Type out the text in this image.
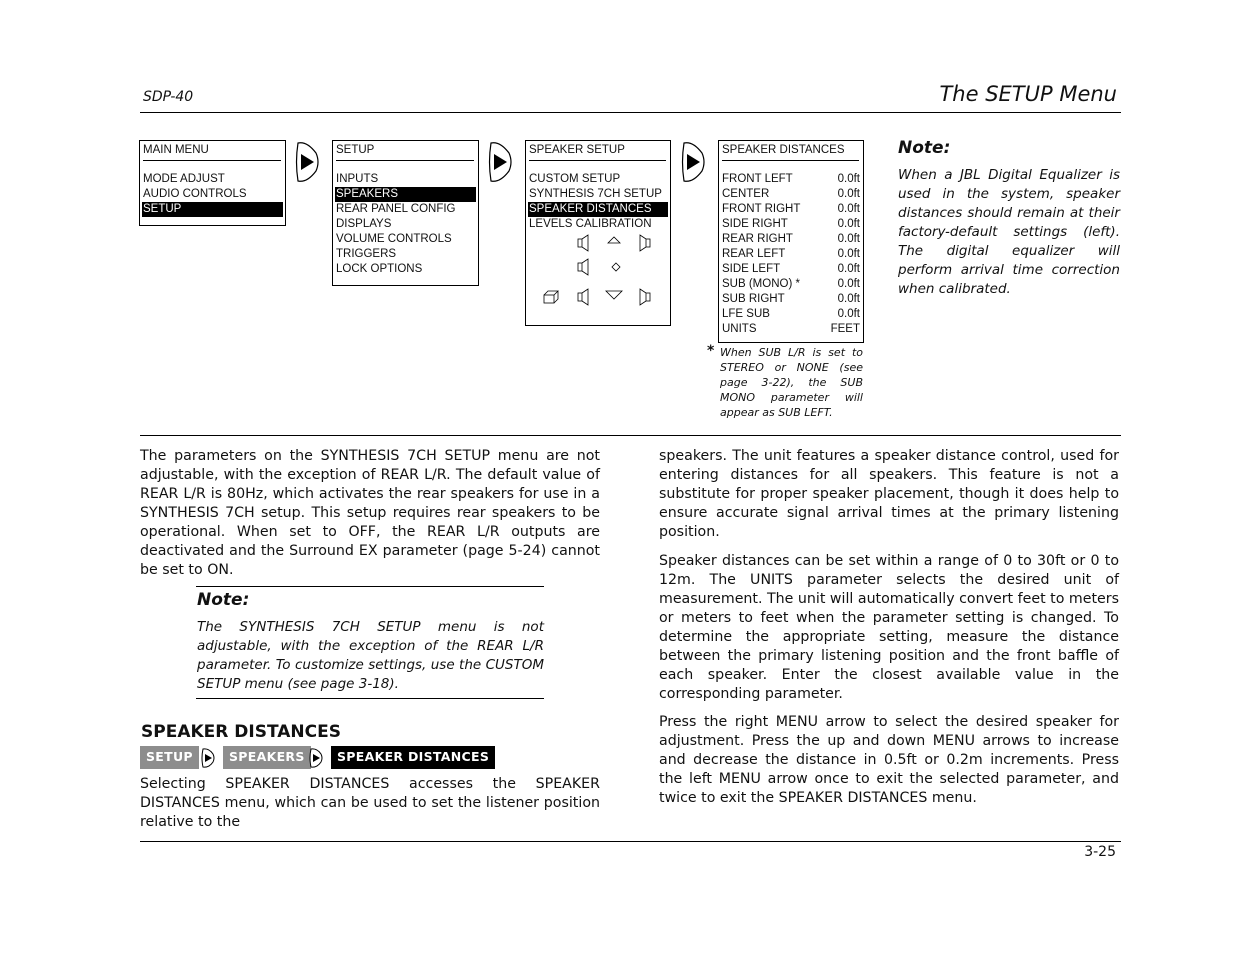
SDP-40	The SETUP Menu
MAIN MENU
MODE ADJUST
AUDIO CONTROLS
SETUP
SETUP
INPUTS
SPEAKERS
REAR PANEL CONFIG
DISPLAYS
VOLUME CONTROLS
TRIGGERS
LOCK OPTIONS
SPEAKER SETUP
CUSTOM SETUP
SYNTHESIS 7CH SETUP
SPEAKER DISTANCES
LEVELS CALIBRATION
SPEAKER DISTANCES
FRONT LEFT	0.0ft
CENTER	0.0ft
FRONT RIGHT	0.0ft
SIDE RIGHT	0.0ft
REAR RIGHT	0.0ft
REAR LEFT	0.0ft
SIDE LEFT	0.0ft
SUB (MONO) *	0.0ft
SUB RIGHT	0.0ft
LFE SUB	0.0ft
UNITS	FEET
* When SUB L/R is set to STEREO or NONE (see page 3-22), the SUB MONO parameter will appear as SUB LEFT.
Note:
When a JBL Digital Equalizer is used in the system, speaker distances should remain at their factory-default settings (left). The digital equalizer will perform arrival time correction when calibrated.
The parameters on the SYNTHESIS 7CH SETUP menu are not adjustable, with the exception of REAR L/R. The default value of REAR L/R is 80Hz, which activates the rear speakers for use in a SYNTHESIS 7CH setup. This setup requires rear speakers to be operational. When set to OFF, the REAR L/R outputs are deactivated and the Surround EX parameter (page 5-24) cannot be set to ON.
Note:
The SYNTHESIS 7CH SETUP menu is not adjustable, with the exception of the REAR L/R parameter. To customize settings, use the CUSTOM SETUP menu (see page 3-18).
SPEAKER DISTANCES
SETUP	SPEAKERS	SPEAKER DISTANCES
Selecting SPEAKER DISTANCES accesses the SPEAKER DISTANCES menu, which can be used to set the listener position relative to the
speakers. The unit features a speaker distance control, used for entering distances for all speakers. This feature is not a substitute for proper speaker placement, though it does help to ensure accurate signal arrival times at the primary listening position.
Speaker distances can be set within a range of 0 to 30ft or 0 to 12m. The UNITS parameter selects the desired unit of measurement. The unit will automatically convert feet to meters or meters to feet when the parameter setting is changed. To determine the appropriate setting, measure the distance between the primary listening position and the front baffle of each speaker. Enter the closest available value in the corresponding parameter.
Press the right MENU arrow to select the desired speaker for adjustment. Press the up and down MENU arrows to increase and decrease the distance in 0.5ft or 0.2m increments. Press the left MENU arrow once to exit the selected parameter, and twice to exit the SPEAKER DISTANCES menu.
3-25
